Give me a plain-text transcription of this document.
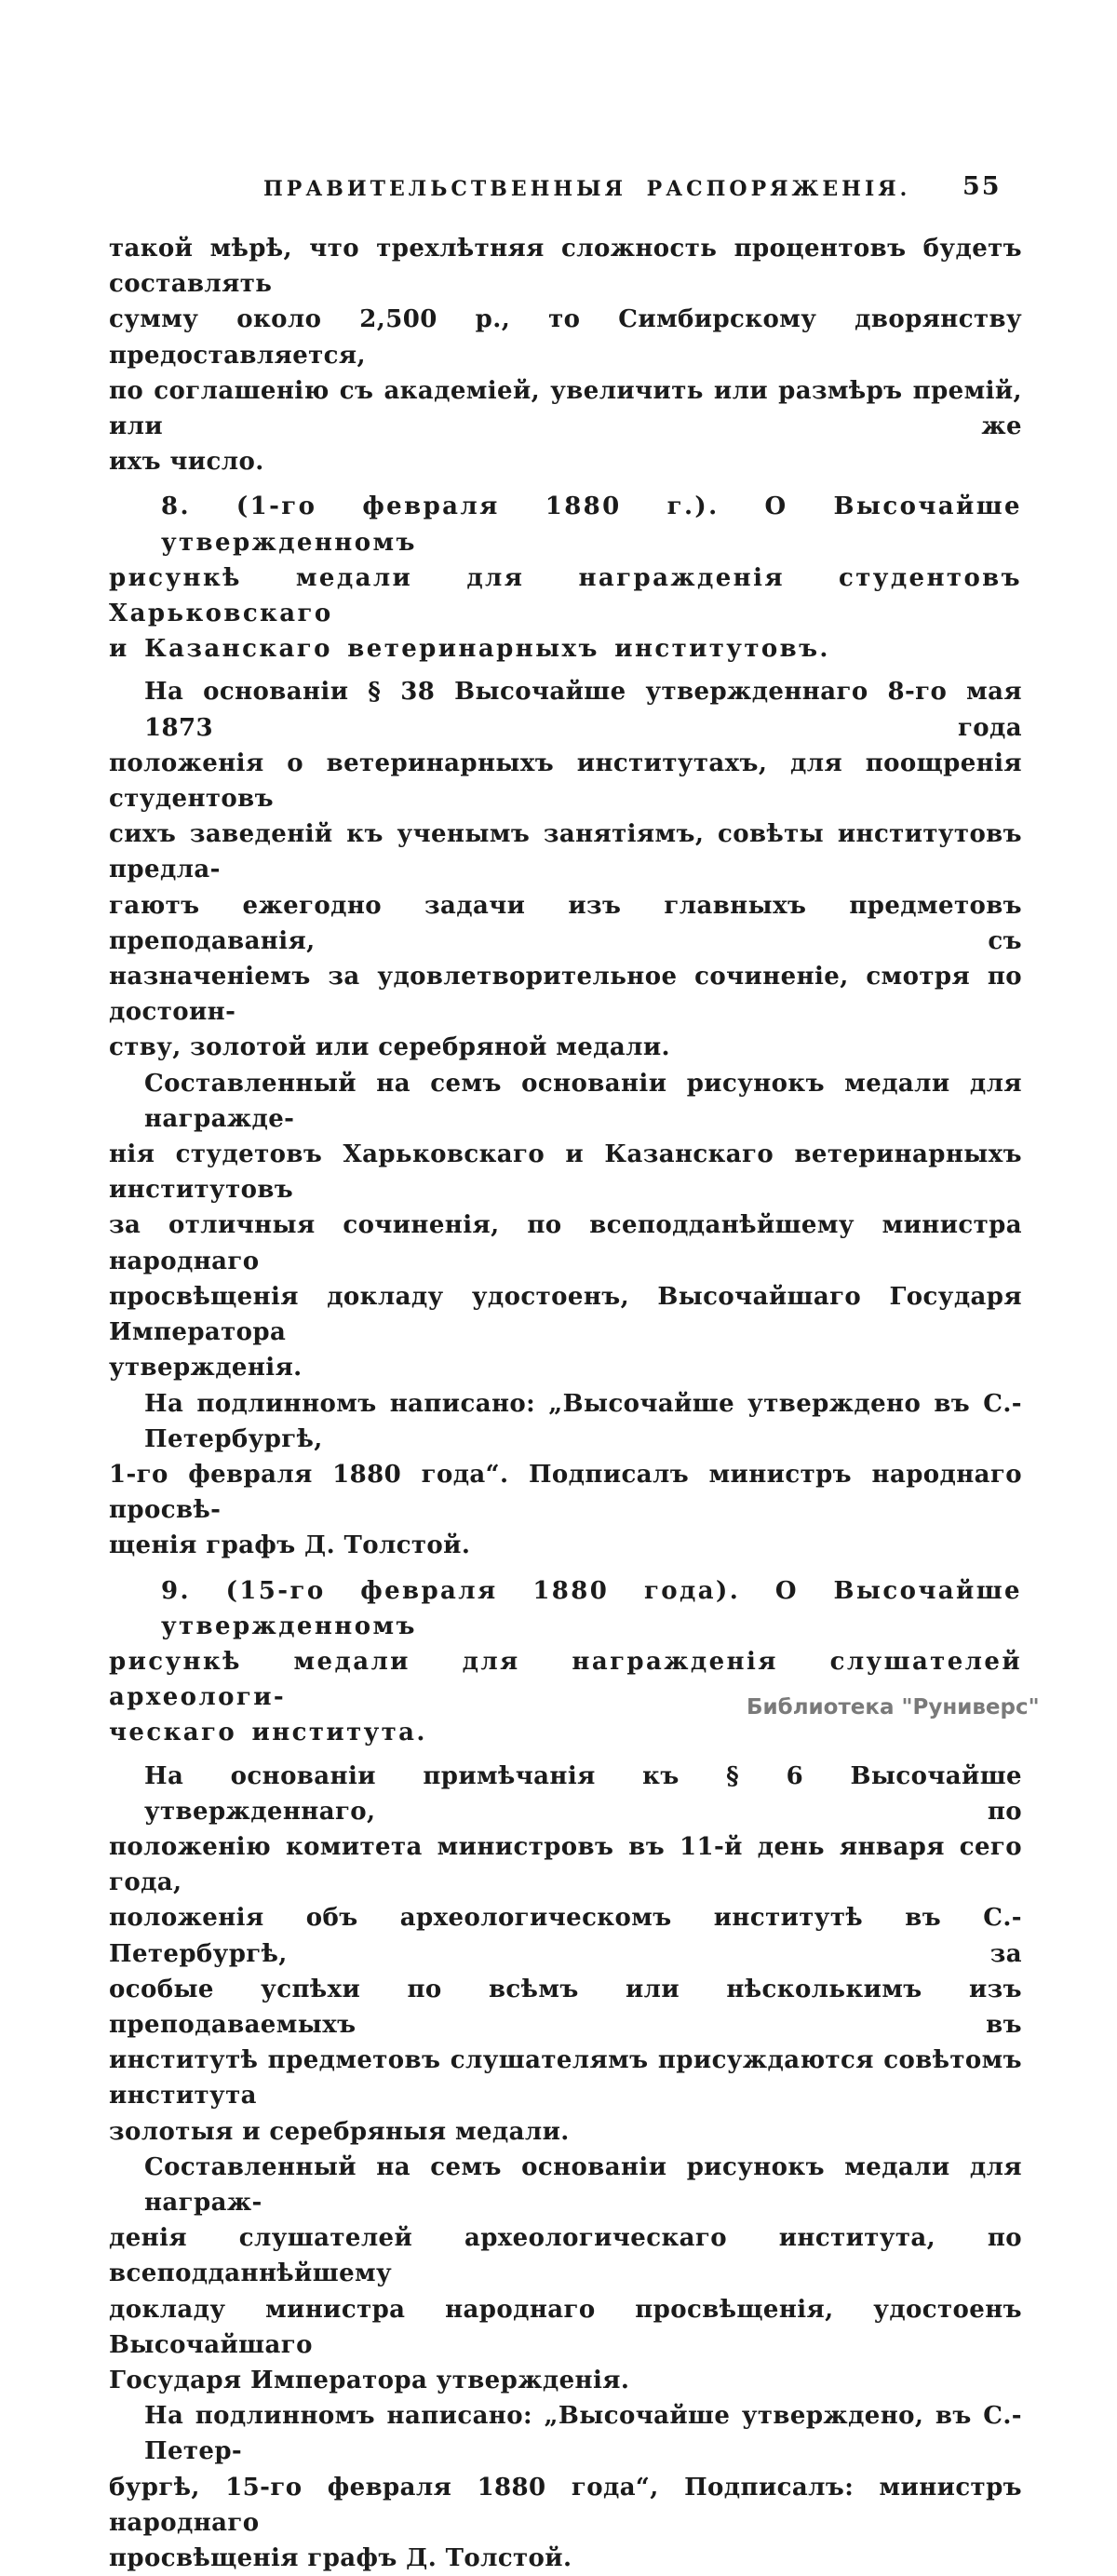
ПРАВИТЕЛЬСТВЕННЫЯ РАСПОРЯЖЕНІЯ. 55

такой мѣрѣ, что трехлѣтняя сложность процентовъ будетъ составлять
сумму около 2,500 р., то Симбирскому дворянству предоставляется,
по соглашенію съ академіей, увеличить или размѣръ премій, или же
ихъ число.

8. (1-го февраля 1880 г.). О Высочайше утвержденномъ
рисункѣ медали для награжденія студентовъ Харьковскаго
и Казанскаго ветеринарныхъ институтовъ.

На основаніи § 38 Высочайше утвержденнаго 8-го мая 1873 года
положенія о ветеринарныхъ институтахъ, для поощренія студентовъ
сихъ заведеній къ ученымъ занятіямъ, совѣты институтовъ предла-
гаютъ ежегодно задачи изъ главныхъ предметовъ преподаванія, съ
назначеніемъ за удовлетворительное сочиненіе, смотря по достоин-
ству, золотой или серебряной медали.

Составленный на семъ основаніи рисунокъ медали для награжде-
нія студетовъ Харьковскаго и Казанскаго ветеринарныхъ институтовъ
за отличныя сочиненія, по всеподданѣйшему министра народнаго
просвѣщенія докладу удостоенъ, Высочайшаго Государя Императора
утвержденія.

На подлинномъ написано: „Высочайше утверждено въ С.-Петербургѣ,
1-го февраля 1880 года“. Подписалъ министръ народнаго просвѣ-
щенія графъ Д. Толстой.

9. (15-го февраля 1880 года). О Высочайше утвержденномъ
рисункѣ медали для награжденія слушателей археологи-
ческаго института.

На основаніи примѣчанія къ § 6 Высочайше утвержденнаго, по
положенію комитета министровъ въ 11-й день января сего года,
положенія объ археологическомъ институтѣ въ С.-Петербургѣ, за
особые успѣхи по всѣмъ или нѣсколькимъ изъ преподаваемыхъ въ
институтѣ предметовъ слушателямъ присуждаются совѣтомъ института
золотыя и серебряныя медали.

Составленный на семъ основаніи рисунокъ медали для награж-
денія слушателей археологическаго института, по всеподданнѣйшему
докладу министра народнаго просвѣщенія, удостоенъ Высочайшаго
Государя Императора утвержденія.

На подлинномъ написано: „Высочайше утверждено, въ С.-Петер-
бургѣ, 15-го февраля 1880 года“, Подписалъ: министръ народнаго
просвѣщенія графъ Д. Толстой.

Библиотека "Руниверс"
